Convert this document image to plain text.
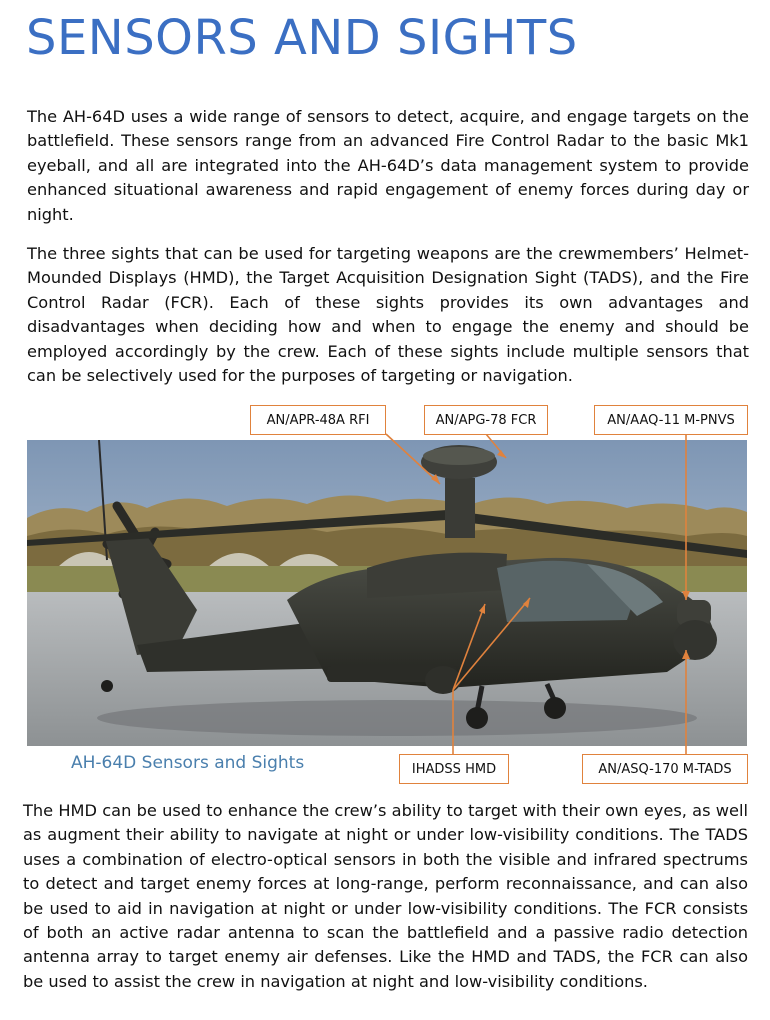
SENSORS AND SIGHTS

The AH-64D uses a wide range of sensors to detect, acquire, and engage targets on the battlefield. These sensors range from an advanced Fire Control Radar to the basic Mk1 eyeball, and all are integrated into the AH-64D’s data management system to provide enhanced situational awareness and rapid engagement of enemy forces during day or night.

The three sights that can be used for targeting weapons are the crewmembers’ Helmet-Mounded Displays (HMD), the Target Acquisition Designation Sight (TADS), and the Fire Control Radar (FCR). Each of these sights provides its own advantages and disadvantages when deciding how and when to engage the enemy and should be employed accordingly by the crew. Each of these sights include multiple sensors that can be selectively used for the purposes of targeting or navigation.

AN/APR-48A RFI	AN/APG-78 FCR	AN/AAQ-11 M-PNVS
IHADSS HMD	AN/ASQ-170 M-TADS
AH-64D Sensors and Sights

The HMD can be used to enhance the crew’s ability to target with their own eyes, as well as augment their ability to navigate at night or under low-visibility conditions. The TADS uses a combination of electro-optical sensors in both the visible and infrared spectrums to detect and target enemy forces at long-range, perform reconnaissance, and can also be used to aid in navigation at night or under low-visibility conditions. The FCR consists of both an active radar antenna to scan the battlefield and a passive radio detection antenna array to target enemy air defenses. Like the HMD and TADS, the FCR can also be used to assist the crew in navigation at night and low-visibility conditions.
